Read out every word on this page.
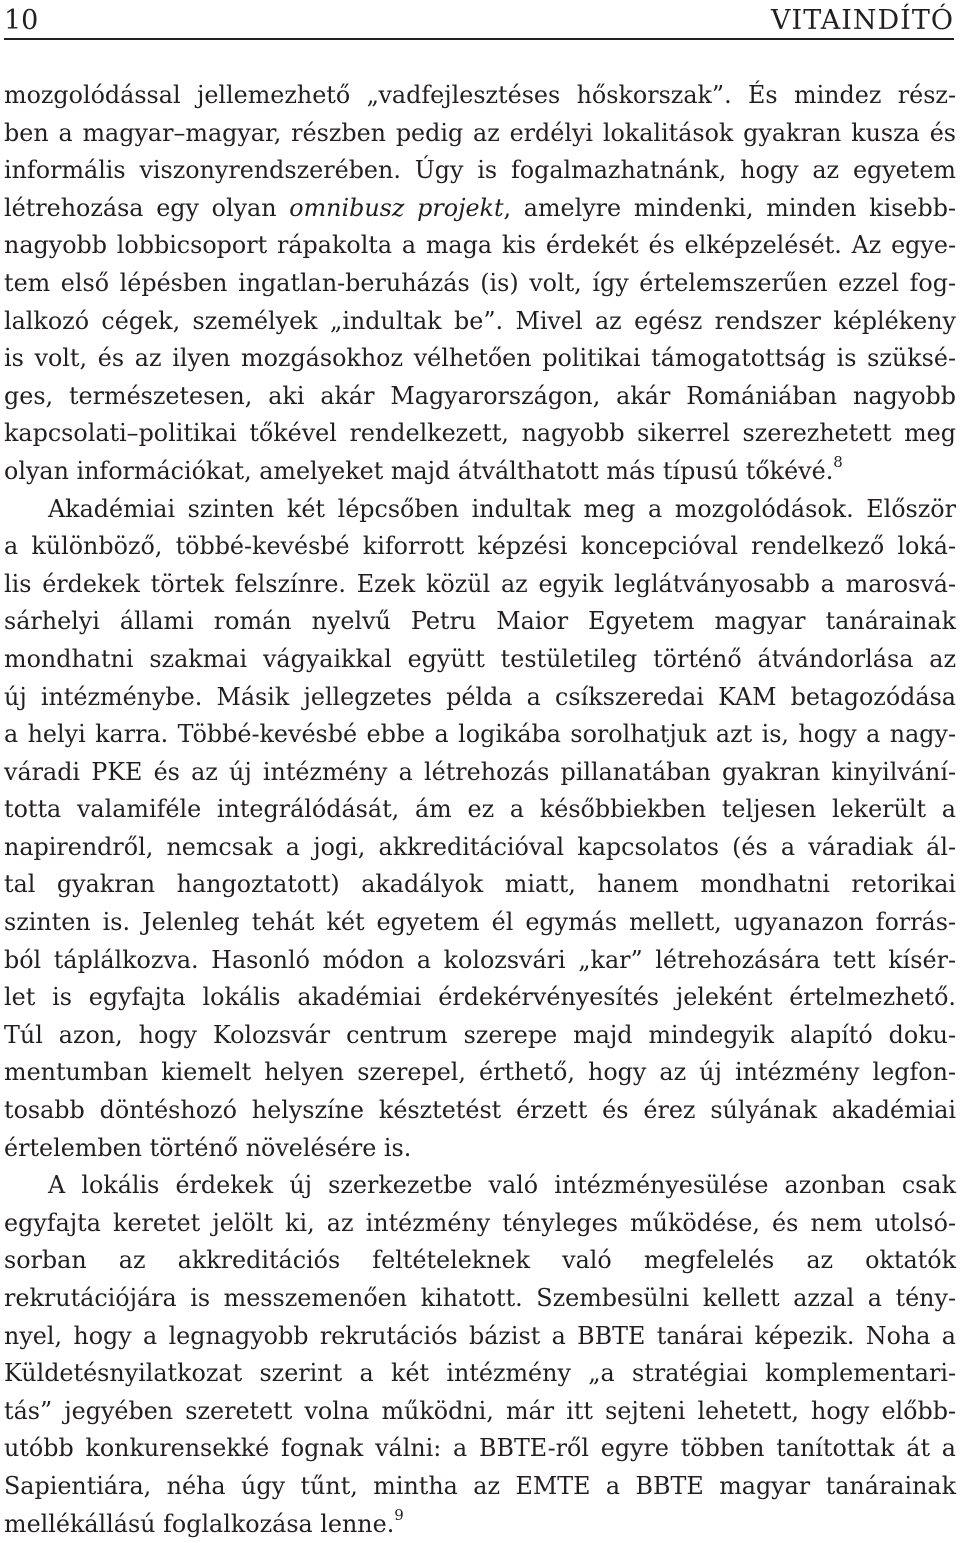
10	VITAINDÍTÓ
mozgolódással jellemezhető „vadfejlesztéses hőskorszak”. És mindez rész-
ben a magyar–magyar, részben pedig az erdélyi lokalitások gyakran kusza és
informális viszonyrendszerében. Úgy is fogalmazhatnánk, hogy az egyetem
létrehozása egy olyan omnibusz projekt, amelyre mindenki, minden kisebb-
nagyobb lobbicsoport rápakolta a maga kis érdekét és elképzelését. Az egye-
tem első lépésben ingatlan-beruházás (is) volt, így értelemszerűen ezzel fog-
lalkozó cégek, személyek „indultak be”. Mivel az egész rendszer képlékeny
is volt, és az ilyen mozgásokhoz vélhetően politikai támogatottság is szüksé-
ges, természetesen, aki akár Magyarországon, akár Romániában nagyobb
kapcsolati–politikai tőkével rendelkezett, nagyobb sikerrel szerezhetett meg
olyan információkat, amelyeket majd átválthatott más típusú tőkévé.$^8$
Akadémiai szinten két lépcsőben indultak meg a mozgolódások. Először
a különböző, többé-kevésbé kiforrott képzési koncepcióval rendelkező loká-
lis érdekek törtek felszínre. Ezek közül az egyik leglátványosabb a marosvá-
sárhelyi állami román nyelvű Petru Maior Egyetem magyar tanárainak
mondhatni szakmai vágyaikkal együtt testületileg történő átvándorlása az
új intézménybe. Másik jellegzetes példa a csíkszeredai KAM betagozódása
a helyi karra. Többé-kevésbé ebbe a logikába sorolhatjuk azt is, hogy a nagy-
váradi PKE és az új intézmény a létrehozás pillanatában gyakran kinyilvání-
totta valamiféle integrálódását, ám ez a későbbiekben teljesen lekerült a
napirendről, nemcsak a jogi, akkreditációval kapcsolatos (és a váradiak ál-
tal gyakran hangoztatott) akadályok miatt, hanem mondhatni retorikai
szinten is. Jelenleg tehát két egyetem él egymás mellett, ugyanazon forrás-
ból táplálkozva. Hasonló módon a kolozsvári „kar” létrehozására tett kísér-
let is egyfajta lokális akadémiai érdekérvényesítés jeleként értelmezhető.
Túl azon, hogy Kolozsvár centrum szerepe majd mindegyik alapító doku-
mentumban kiemelt helyen szerepel, érthető, hogy az új intézmény legfon-
tosabb döntéshozó helyszíne késztetést érzett és érez súlyának akadémiai
értelemben történő növelésére is.
A lokális érdekek új szerkezetbe való intézményesülése azonban csak
egyfajta keretet jelölt ki, az intézmény tényleges működése, és nem utolsó-
sorban az akkreditációs feltételeknek való megfelelés az oktatók
rekrutációjára is messzemenően kihatott. Szembesülni kellett azzal a tény-
nyel, hogy a legnagyobb rekrutációs bázist a BBTE tanárai képezik. Noha a
Küldetésnyilatkozat szerint a két intézmény „a stratégiai komplementari-
tás” jegyében szeretett volna működni, már itt sejteni lehetett, hogy előbb-
utóbb konkurensekké fognak válni: a BBTE-ről egyre többen tanítottak át a
Sapientiára, néha úgy tűnt, mintha az EMTE a BBTE magyar tanárainak
mellékállású foglalkozása lenne.$^9$
